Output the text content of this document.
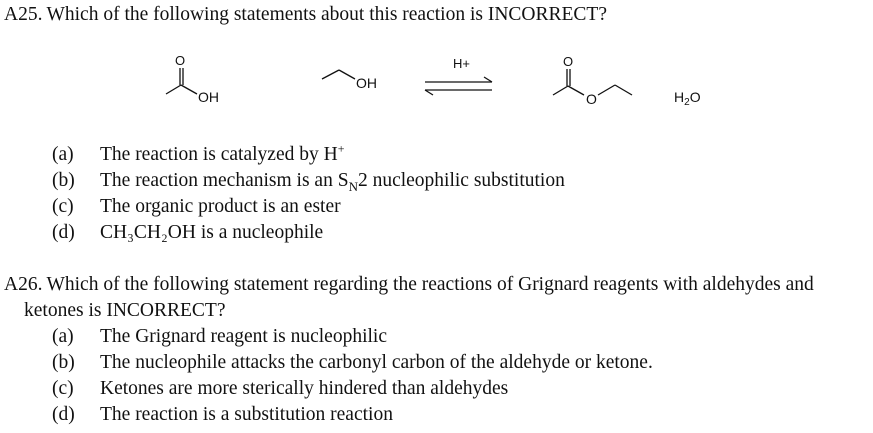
A25. Which of the following statements about this reaction is INCORRECT?
O
OH
OH
H+	O
O	$H_2O$
(a) The reaction is catalyzed by H+
(b) The reaction mechanism is an $S_N2$ nucleophilic substitution
(c) The organic product is an ester
(d) CH₃CH₂OH is a nucleophile
A26. Which of the following statement regarding the reactions of Grignard reagents with aldehydes and
ketones is INCORRECT?
(a) The Grignard reagent is nucleophilic
(b) The nucleophile attacks the carbonyl carbon of the aldehyde or ketone.
(c) Ketones are more sterically hindered than aldehydes
(d) The reaction is a substitution reaction
